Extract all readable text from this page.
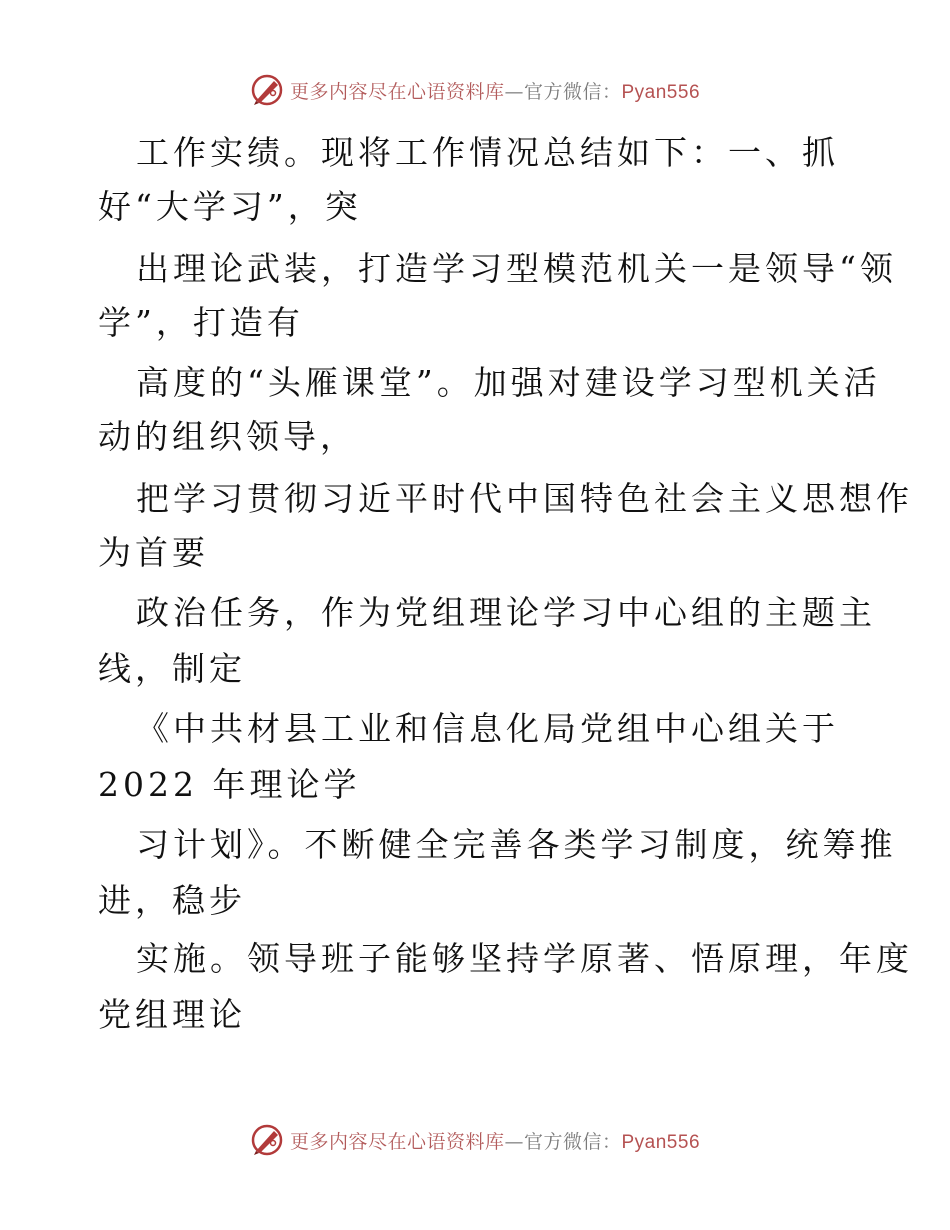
更多内容尽在心语资料库—官方微信：Pyan556
工作实绩。现将工作情况总结如下：一、抓
好“大学习”，突
出理论武装，打造学习型模范机关一是领导“领
学”，打造有
高度的“头雁课堂”。加强对建设学习型机关活
动的组织领导，
把学习贯彻习近平时代中国特色社会主义思想作
为首要
政治任务，作为党组理论学习中心组的主题主
线，制定
《中共材县工业和信息化局党组中心组关于
2022 年理论学
习计划》。不断健全完善各类学习制度，统筹推
进，稳步
实施。领导班子能够坚持学原著、悟原理，年度
党组理论
更多内容尽在心语资料库—官方微信：Pyan556
